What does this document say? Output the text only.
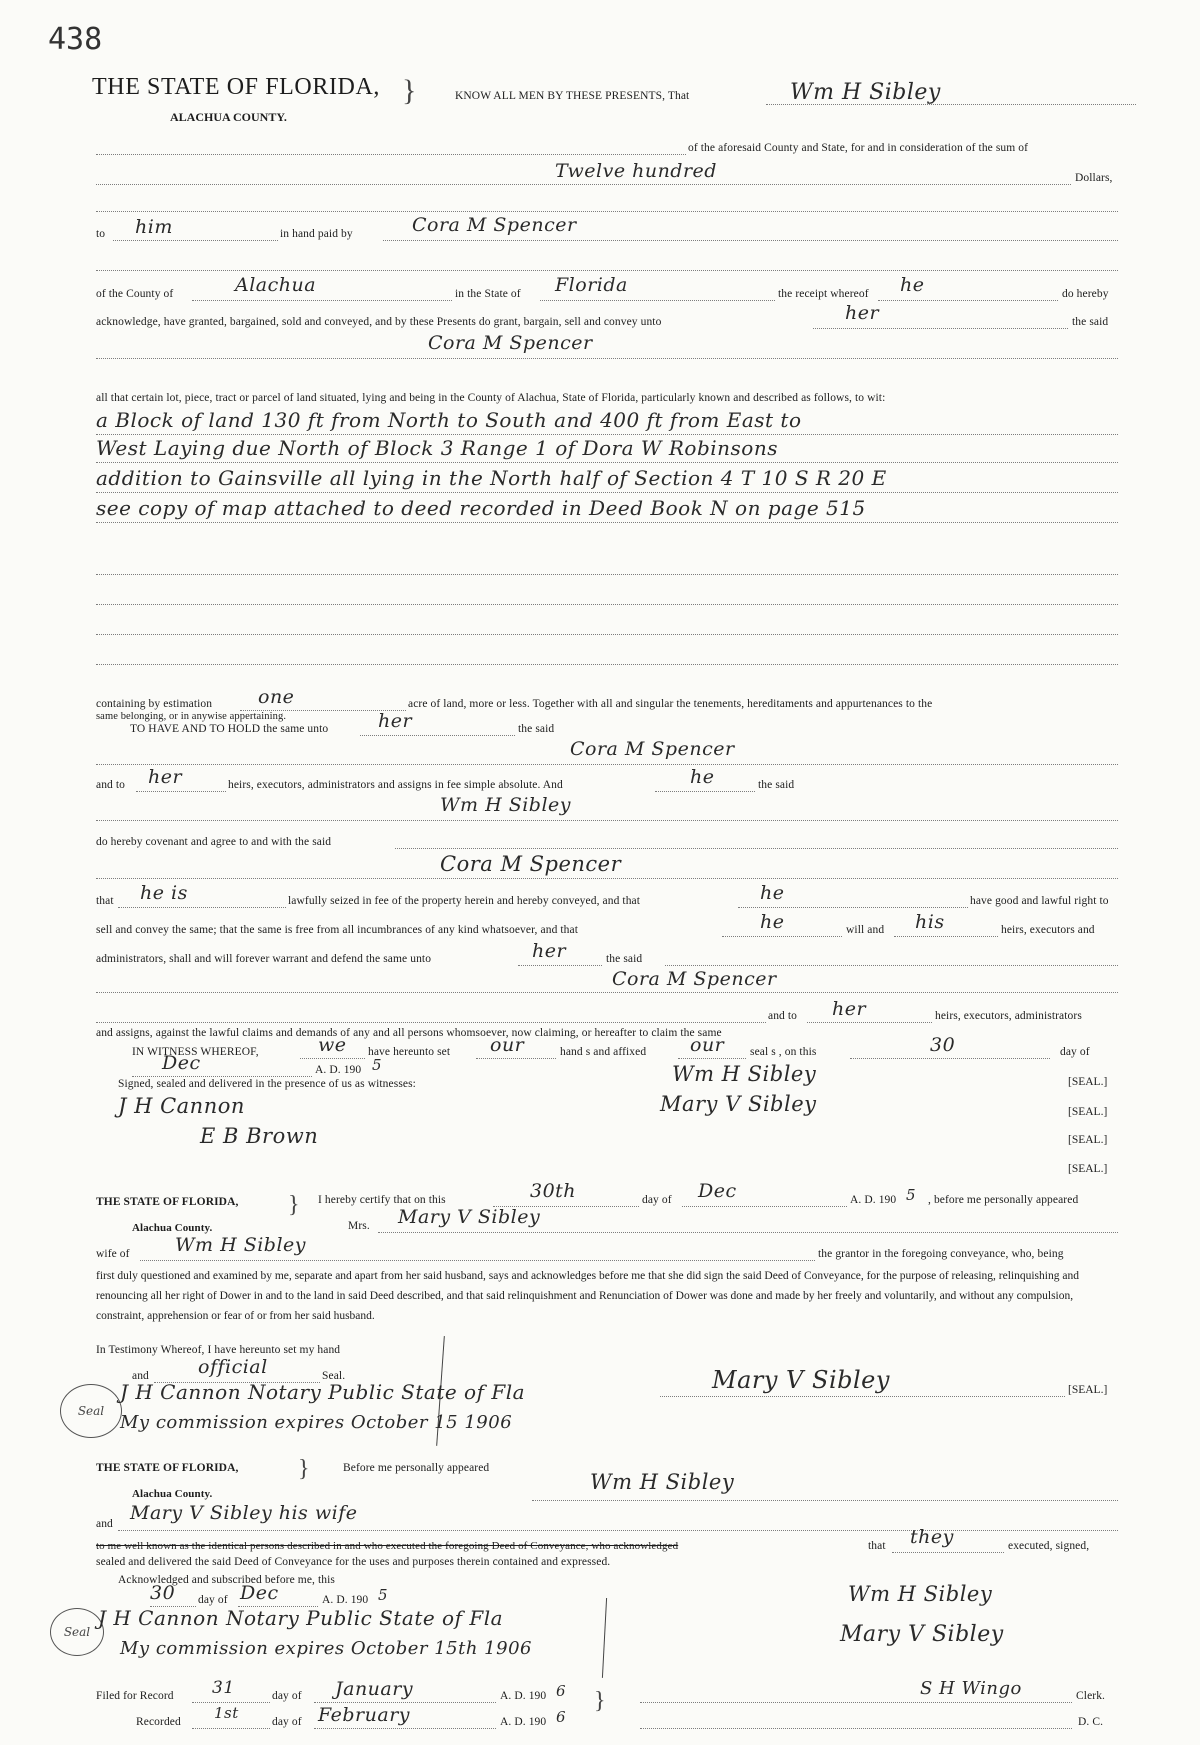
438
THE STATE OF FLORIDA, }
ALACHUA COUNTY.
KNOW ALL MEN BY THESE PRESENTS, That	Wm H Sibley
of the aforesaid County and State, for and in consideration of the sum of
Twelve hundred	Dollars,
to him	in hand paid by	Cora M Spencer
of the County of	Alachua	in the State of Florida	the receipt whereof he	do hereby
acknowledge, have granted, bargained, sold and conveyed, and by these Presents do grant, bargain, sell and convey unto	her	the said
Cora M Spencer
all that certain lot, piece, tract or parcel of land situated, lying and being in the County of Alachua, State of Florida, particularly known and described as follows, to wit:
a Block of land 130 ft from North to South and 400 ft from East to
West Laying due North of Block 3 Range 1 of Dora W Robinsons
addition to Gainsville all lying in the North half of Section 4 T 10 S R 20 E
see copy of map attached to deed recorded in Deed Book N on page 515
containing by estimation one	acre of land, more or less. Together with all and singular the tenements, hereditaments and appurtenances to the
same belonging, or in anywise appertaining.
TO HAVE AND TO HOLD the same unto	her	the said
Cora M Spencer
and to her	heirs, executors, administrators and assigns in fee simple absolute. And	he	the said
Wm H Sibley
do hereby covenant and agree to and with the said
Cora M Spencer
that he is	lawfully seized in fee of the property herein and hereby conveyed, and that	he	have good and lawful right to
sell and convey the same; that the same is free from all incumbrances of any kind whatsoever, and that	he	will and his	heirs, executors and
administrators, shall and will forever warrant and defend the same unto	her	the said
Cora M Spencer
and to her	heirs, executors, administrators
and assigns, against the lawful claims and demands of any and all persons whomsoever, now claiming, or hereafter to claim the same
IN WITNESS WHEREOF,	we have hereunto set our	hand s and affixed our seal s , on this	30	day of
Dec	A. D. 190 5
Signed, sealed and delivered in the presence of us as witnesses:	Wm H Sibley	[SEAL.]
J H Cannon	Mary V Sibley	[SEAL.]
E B Brown	[SEAL.]
[SEAL.]
THE STATE OF FLORIDA, }
Alachua County.
I hereby certify that on this	30th	day of Dec	A. D. 190 5 , before me personally appeared
Mrs. Mary V Sibley
wife of Wm H Sibley	the grantor in the foregoing conveyance, who, being
first duly questioned and examined by me, separate and apart from her said husband, says and acknowledges before me that she did sign the said Deed of Conveyance, for the purpose of releasing, relinquishing and renouncing all her right of Dower in and to the land in said Deed described, and that said relinquishment and Renunciation of Dower was done and made by her freely and voluntarily, and without any compulsion, constraint, apprehension or fear of or from her said husband.
In Testimony Whereof, I have hereunto set my hand
and	official	Seal.
Seal
J H Cannon Notary Public State of Fla
My commission expires October 15 1906
Mary V Sibley	[SEAL.]
THE STATE OF FLORIDA, }
Alachua County.
Before me personally appeared
Wm H Sibley
and Mary V Sibley his wife
to me well known as the identical persons described in and who executed the foregoing Deed of Conveyance, who acknowledged	that they	executed, signed,
sealed and delivered the said Deed of Conveyance for the uses and purposes therein contained and expressed.
Acknowledged and subscribed before me, this
30 day of Dec	A. D. 190 5
Seal
J H Cannon Notary Public State of Fla
My commission expires October 15th 1906
Wm H Sibley
Mary V Sibley
Filed for Record 31	day of January	A. D. 190 6
Recorded 1st	day of February	A. D. 190 6
}	S H Wingo	Clerk.
D. C.
